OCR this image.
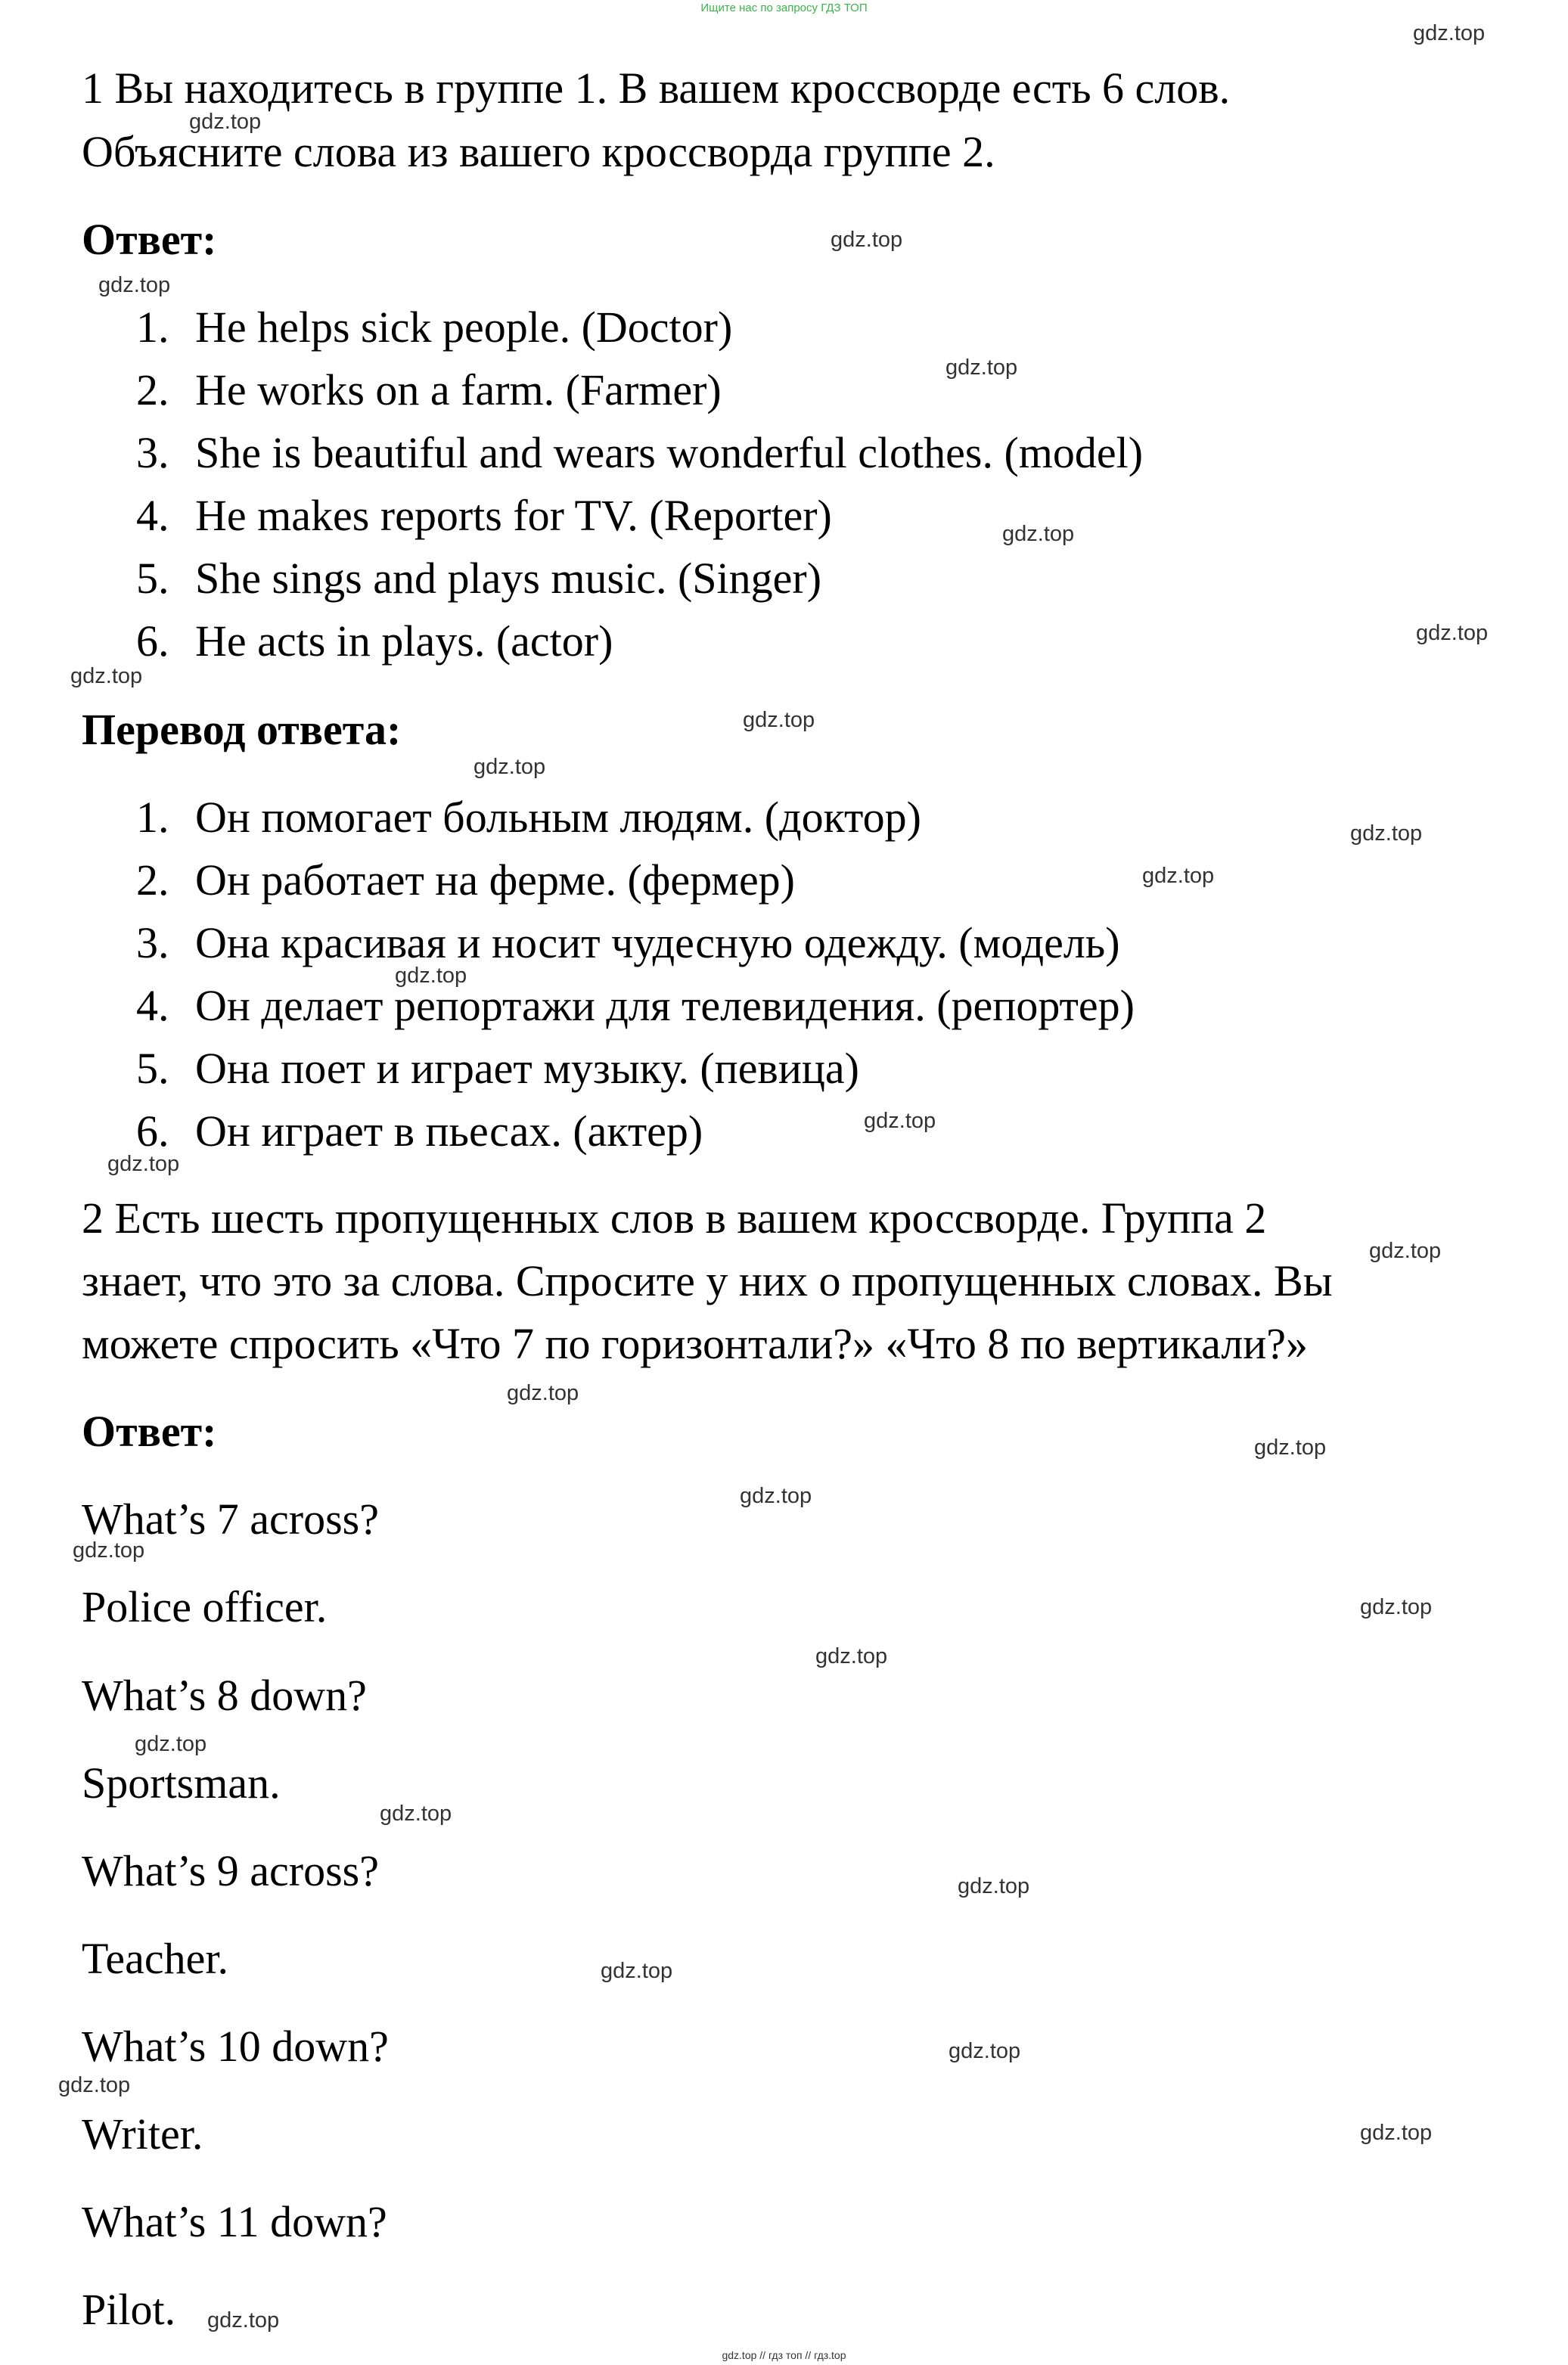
Ищите нас по запросу ГДЗ ТОП
1 Вы находитесь в группе 1. В вашем кроссворде есть 6 слов.
Объясните слова из вашего кроссворда группе 2.
Ответ:
1. He helps sick people. (Doctor)
2. He works on a farm. (Farmer)
3. She is beautiful and wears wonderful clothes. (model)
4. He makes reports for TV. (Reporter)
5. She sings and plays music. (Singer)
6. He acts in plays. (actor)
Перевод ответа:
1. Он помогает больным людям. (доктор)
2. Он работает на ферме. (фермер)
3. Она красивая и носит чудесную одежду. (модель)
4. Он делает репортажи для телевидения. (репортер)
5. Она поет и играет музыку. (певица)
6. Он играет в пьесах. (актер)
2 Есть шесть пропущенных слов в вашем кроссворде. Группа 2
знает, что это за слова. Спросите у них о пропущенных словах. Вы
можете спросить «Что 7 по горизонтали?» «Что 8 по вертикали?»
Ответ:
What’s 7 across?
Police officer.
What’s 8 down?
Sportsman.
What’s 9 across?
Teacher.
What’s 10 down?
Writer.
What’s 11 down?
Pilot.
gdz.top
gdz.top
gdz.top
gdz.top
gdz.top
gdz.top
gdz.top
gdz.top
gdz.top
gdz.top
gdz.top
gdz.top
gdz.top
gdz.top
gdz.top
gdz.top
gdz.top
gdz.top
gdz.top
gdz.top
gdz.top
gdz.top
gdz.top
gdz.top
gdz.top
gdz.top
gdz.top
gdz.top
gdz.top
gdz.top
gdz.top // гдз топ // гдз.top
